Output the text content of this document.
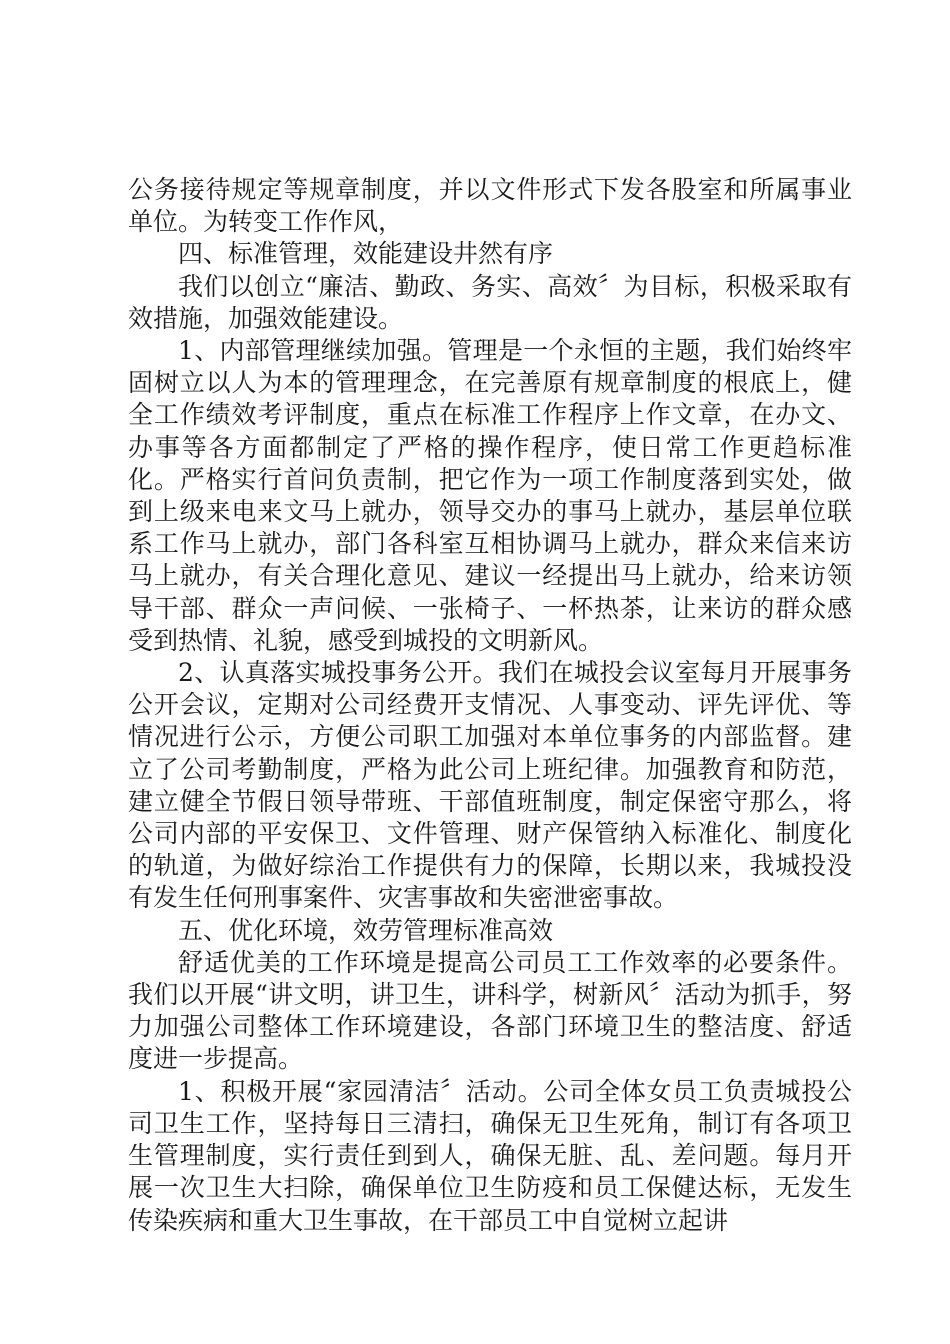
公务接待规定等规章制度，并以文件形式下发各股室和所属事业单位。为转变工作作风，

四、标准管理，效能建设井然有序

我们以创立“廉洁、勤政、务实、高效〞为目标，积极采取有效措施，加强效能建设。

1、内部管理继续加强。管理是一个永恒的主题，我们始终牢固树立以人为本的管理理念，在完善原有规章制度的根底上，健全工作绩效考评制度，重点在标准工作程序上作文章，在办文、办事等各方面都制定了严格的操作程序，使日常工作更趋标准化。严格实行首问负责制，把它作为一项工作制度落到实处，做到上级来电来文马上就办，领导交办的事马上就办，基层单位联系工作马上就办，部门各科室互相协调马上就办，群众来信来访马上就办，有关合理化意见、建议一经提出马上就办，给来访领导干部、群众一声问候、一张椅子、一杯热茶，让来访的群众感受到热情、礼貌，感受到城投的文明新风。

2、认真落实城投事务公开。我们在城投会议室每月开展事务公开会议，定期对公司经费开支情况、人事变动、评先评优、等情况进行公示，方便公司职工加强对本单位事务的内部监督。建立了公司考勤制度，严格为此公司上班纪律。加强教育和防范，建立健全节假日领导带班、干部值班制度，制定保密守那么，将公司内部的平安保卫、文件管理、财产保管纳入标准化、制度化的轨道，为做好综治工作提供有力的保障，长期以来，我城投没有发生任何刑事案件、灾害事故和失密泄密事故。

五、优化环境，效劳管理标准高效

舒适优美的工作环境是提高公司员工工作效率的必要条件。我们以开展“讲文明，讲卫生，讲科学，树新风〞活动为抓手，努力加强公司整体工作环境建设，各部门环境卫生的整洁度、舒适度进一步提高。

1、积极开展“家园清洁〞活动。公司全体女员工负责城投公司卫生工作，坚持每日三清扫，确保无卫生死角，制订有各项卫生管理制度，实行责任到到人，确保无脏、乱、差问题。每月开展一次卫生大扫除，确保单位卫生防疫和员工保健达标，无发生传染疾病和重大卫生事故，在干部员工中自觉树立起讲
